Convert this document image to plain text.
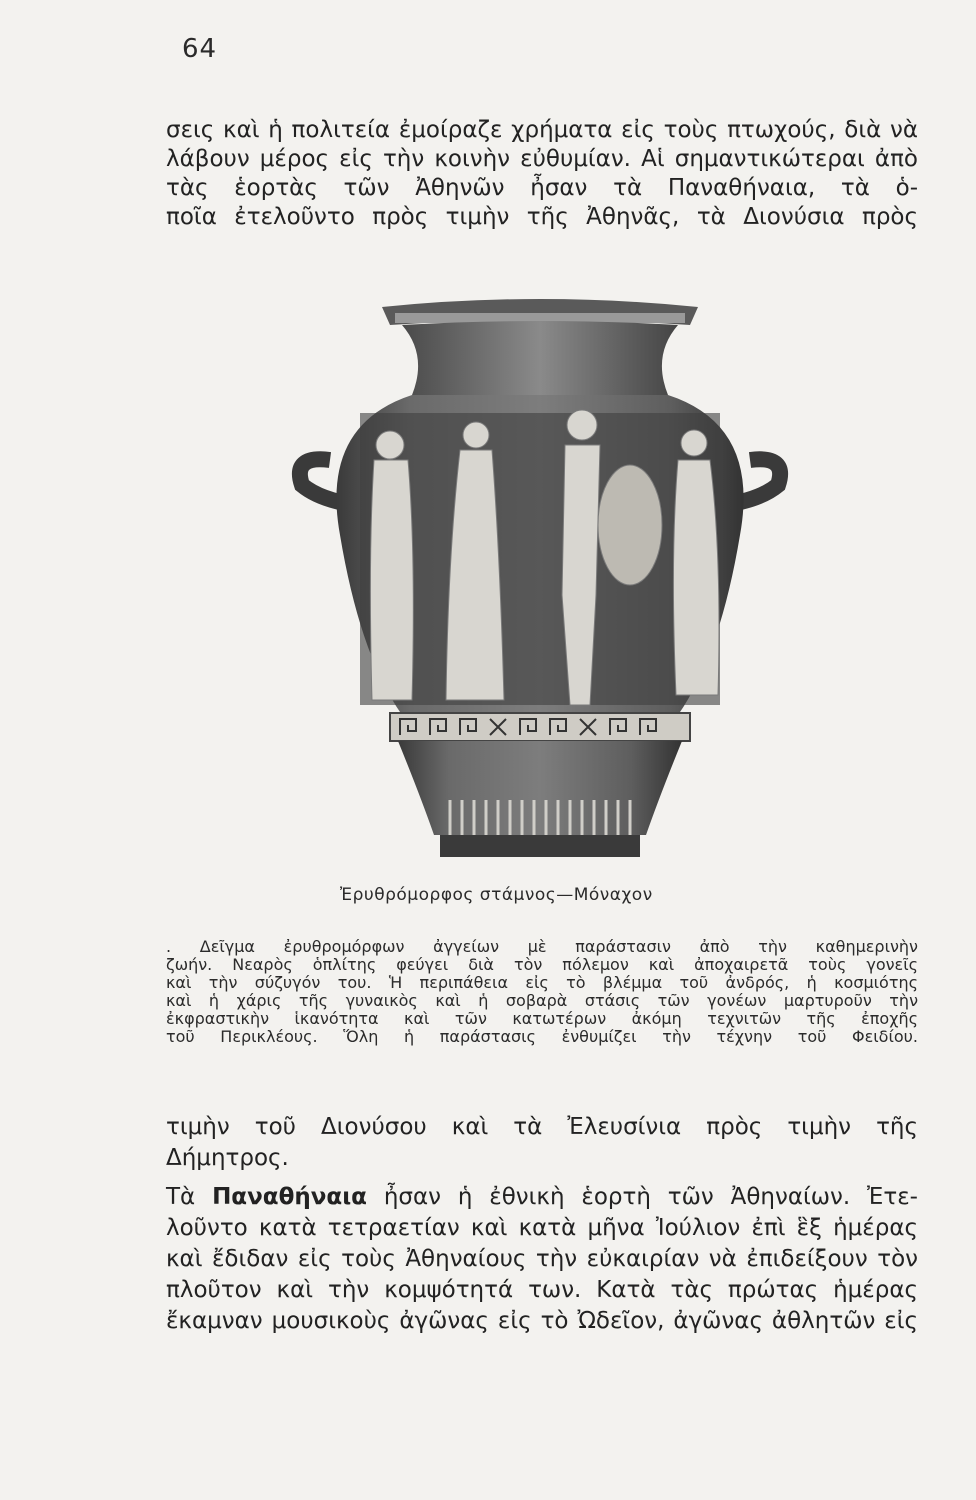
64
σεις καὶ ἡ πολιτεία ἐμοίραζε χρήματα εἰς τοὺς πτωχούς, διὰ νὰ
λάβουν μέρος εἰς τὴν κοινὴν εὐθυμίαν. Αἱ σημαντικώτεραι ἀπὸ
τὰς ἑορτὰς τῶν Ἀθηνῶν ἦσαν τὰ Παναθήναια, τὰ ὁ-
ποῖα ἐτελοῦντο πρὸς τιμὴν τῆς Ἀθηνᾶς, τὰ Διονύσια πρὸς
Ἐρυθρόμορφος στάμνος—Μόναχον
. Δεῖγμα ἐρυθρομόρφων ἀγγείων μὲ παράστασιν ἀπὸ τὴν καθημερινὴν
ζωήν. Νεαρὸς ὁπλίτης φεύγει διὰ τὸν πόλεμον καὶ ἀποχαιρετᾶ τοὺς γονεῖς
καὶ τὴν σύζυγόν του. Ἡ περιπάθεια εἰς τὸ βλέμμα τοῦ ἀνδρός, ἡ κοσμιότης
καὶ ἡ χάρις τῆς γυναικὸς καὶ ἡ σοβαρὰ στάσις τῶν γονέων μαρτυροῦν τὴν
ἐκφραστικὴν ἱκανότητα καὶ τῶν κατωτέρων ἀκόμη τεχνιτῶν τῆς ἐποχῆς
τοῦ Περικλέους. Ὅλη ἡ παράστασις ἐνθυμίζει τὴν τέχνην τοῦ Φειδίου.
τιμὴν τοῦ Διονύσου καὶ τὰ Ἐλευσίνια πρὸς τιμὴν τῆς
Δήμητρος.
Τὰ Παναθήναια ἦσαν ἡ ἐθνικὴ ἑορτὴ τῶν Ἀθηναίων. Ἐτε-
λοῦντο κατὰ τετραετίαν καὶ κατὰ μῆνα Ἰούλιον ἐπὶ ἓξ ἡμέρας
καὶ ἔδιδαν εἰς τοὺς Ἀθηναίους τὴν εὐκαιρίαν νὰ ἐπιδείξουν τὸν
πλοῦτον καὶ τὴν κομψότητά των. Κατὰ τὰς πρώτας ἡμέρας
ἔκαμναν μουσικοὺς ἀγῶνας εἰς τὸ Ὠδεῖον, ἀγῶνας ἀθλητῶν εἰς
